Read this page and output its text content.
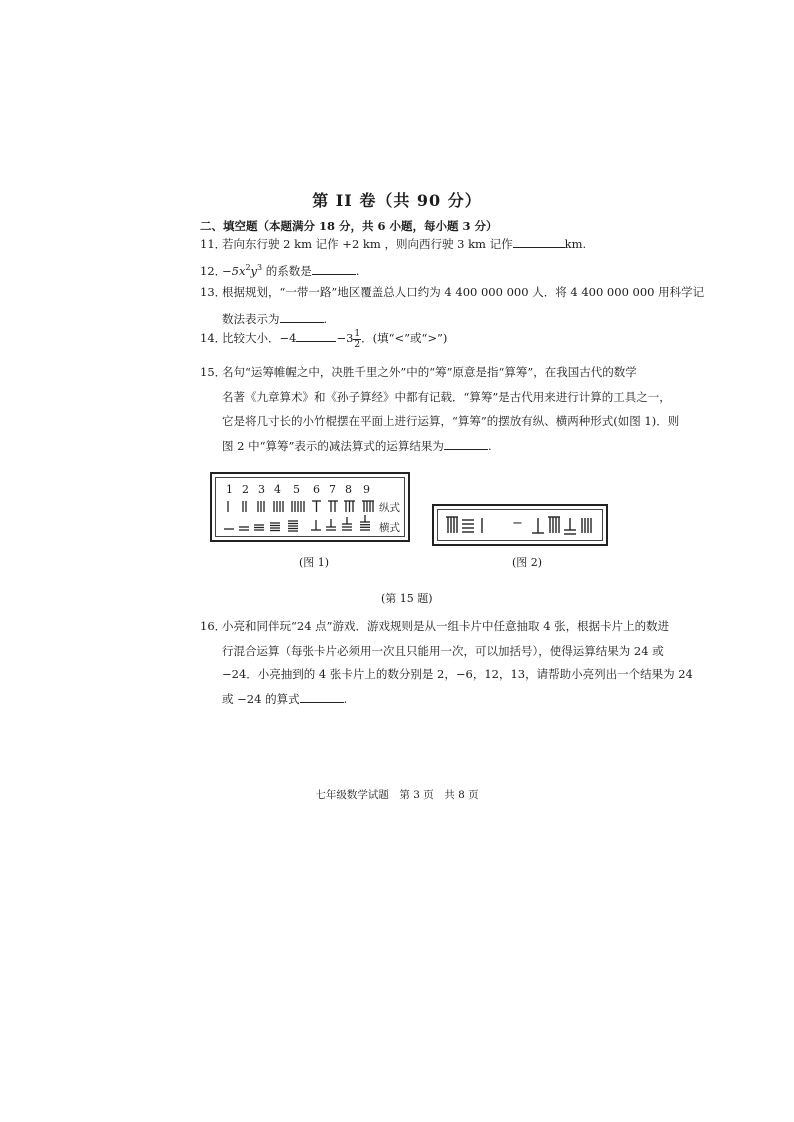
第 II 卷（共 90 分）
二、填空题（本题满分 18 分，共 6 小题，每小题 3 分）
11．若向东行驶 2 km 记作 +2 km ，则向西行驶 3 km 记作	km.
12．$-5x^2y^3$ 的系数是	.
13．根据规划，“一带一路”地区覆盖总人口约为 4 400 000 000 人．将 4 400 000 000 用科学记
数法表示为	.
14．比较大小．−4	$-3 \frac{1}{2}$ ．(填“<”或“>”)
15．名句“运筹帷幄之中，决胜千里之外”中的“筹”原意是指“算筹”，在我国古代的数学
名著《九章算术》和《孙子算经》中都有记载．“算筹”是古代用来进行计算的工具之一，
它是将几寸长的小竹棍摆在平面上进行运算，“算筹”的摆放有纵、横两种形式(如图 1)．则
图 2 中“算筹”表示的减法算式的运算结果为	.
1 2 3 4 5 6 7 8 9
纵式
横式	−
(图 1)	(图 2)
(第 15 题)
16．小亮和同伴玩“24 点”游戏．游戏规则是从一组卡片中任意抽取 4 张，根据卡片上的数进
行混合运算（每张卡片必须用一次且只能用一次，可以加括号），使得运算结果为 24 或
−24．小亮抽到的 4 张卡片上的数分别是 2，−6，12，13，请帮助小亮列出一个结果为 24
或 −24 的算式	.
七年级数学试题　第 3 页　共 8 页
